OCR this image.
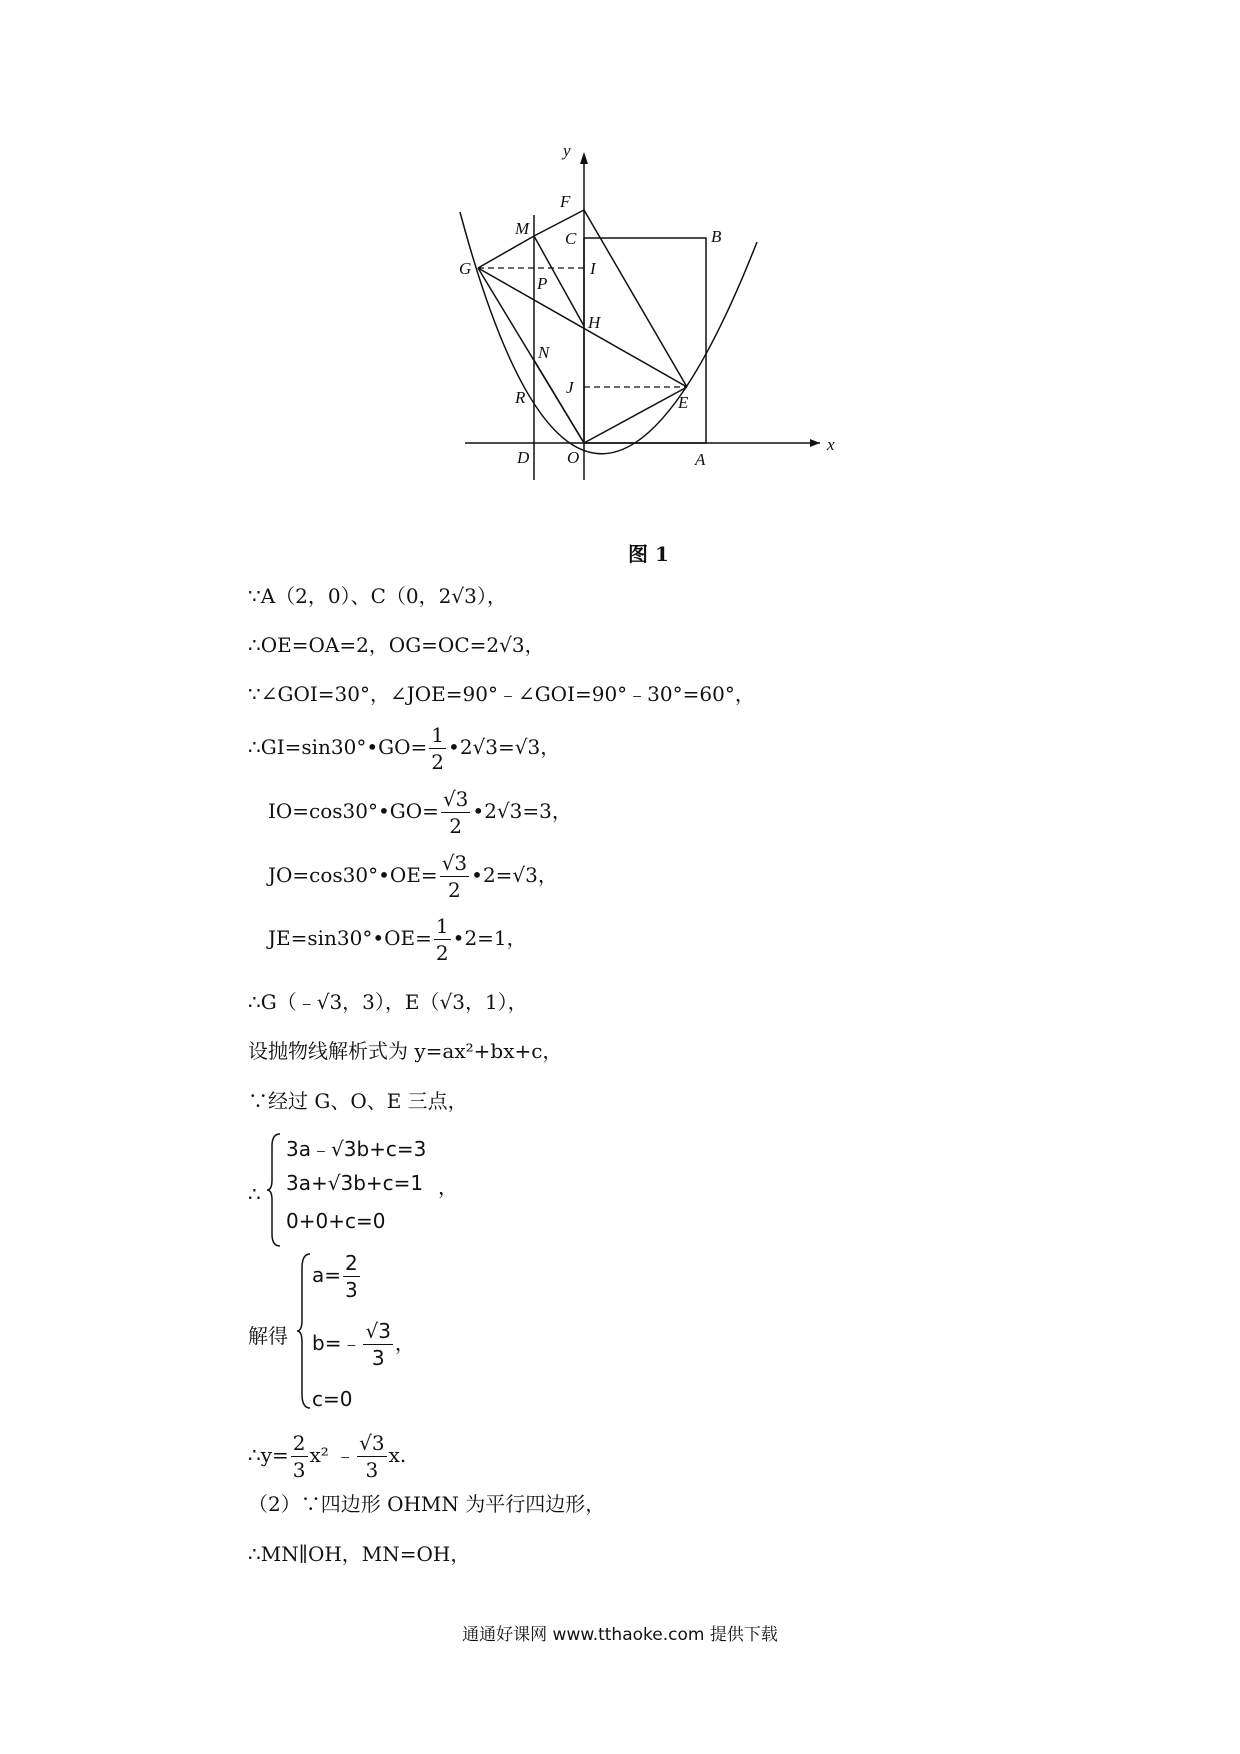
y
x
F
M
C	B
G	I
P
H
N
J
R	E
D O	A
图 1
∵A（2，0）、C（0，2√3），
∴OE=OA=2，OG=OC=2√3，
∵∠GOI=30°，∠JOE=90°﹣∠GOI=90°﹣30°=60°，
∴GI=sin30°•GO= $\frac{1}{2}$ •2√3=√3，
IO=cos30°•GO= $\frac{√3}{2}$ •2√3=3，
JO=cos30°•OE= $\frac{√3}{2}$ •2=√3，
JE=sin30°•OE= $\frac{1}{2}$ •2=1，
∴G（﹣√3，3），E（√3，1），
设抛物线解析式为 y=ax²+bx+c，
∵经过 G、O、E 三点，
∴
3a﹣√3b+c=3
3a+√3b+c=1 ，
0+0+c=0
解得
$a= \frac{2}{3}$
b=﹣ $\frac{√3}{3}$ ，
c=0
∴y= $\frac{2}{3} x^2$ ﹣ $\frac{√3}{3} x$.
（2）∵四边形 OHMN 为平行四边形，
∴MN∥OH，MN=OH，
通通好课网 www.tthaoke.com 提供下载
